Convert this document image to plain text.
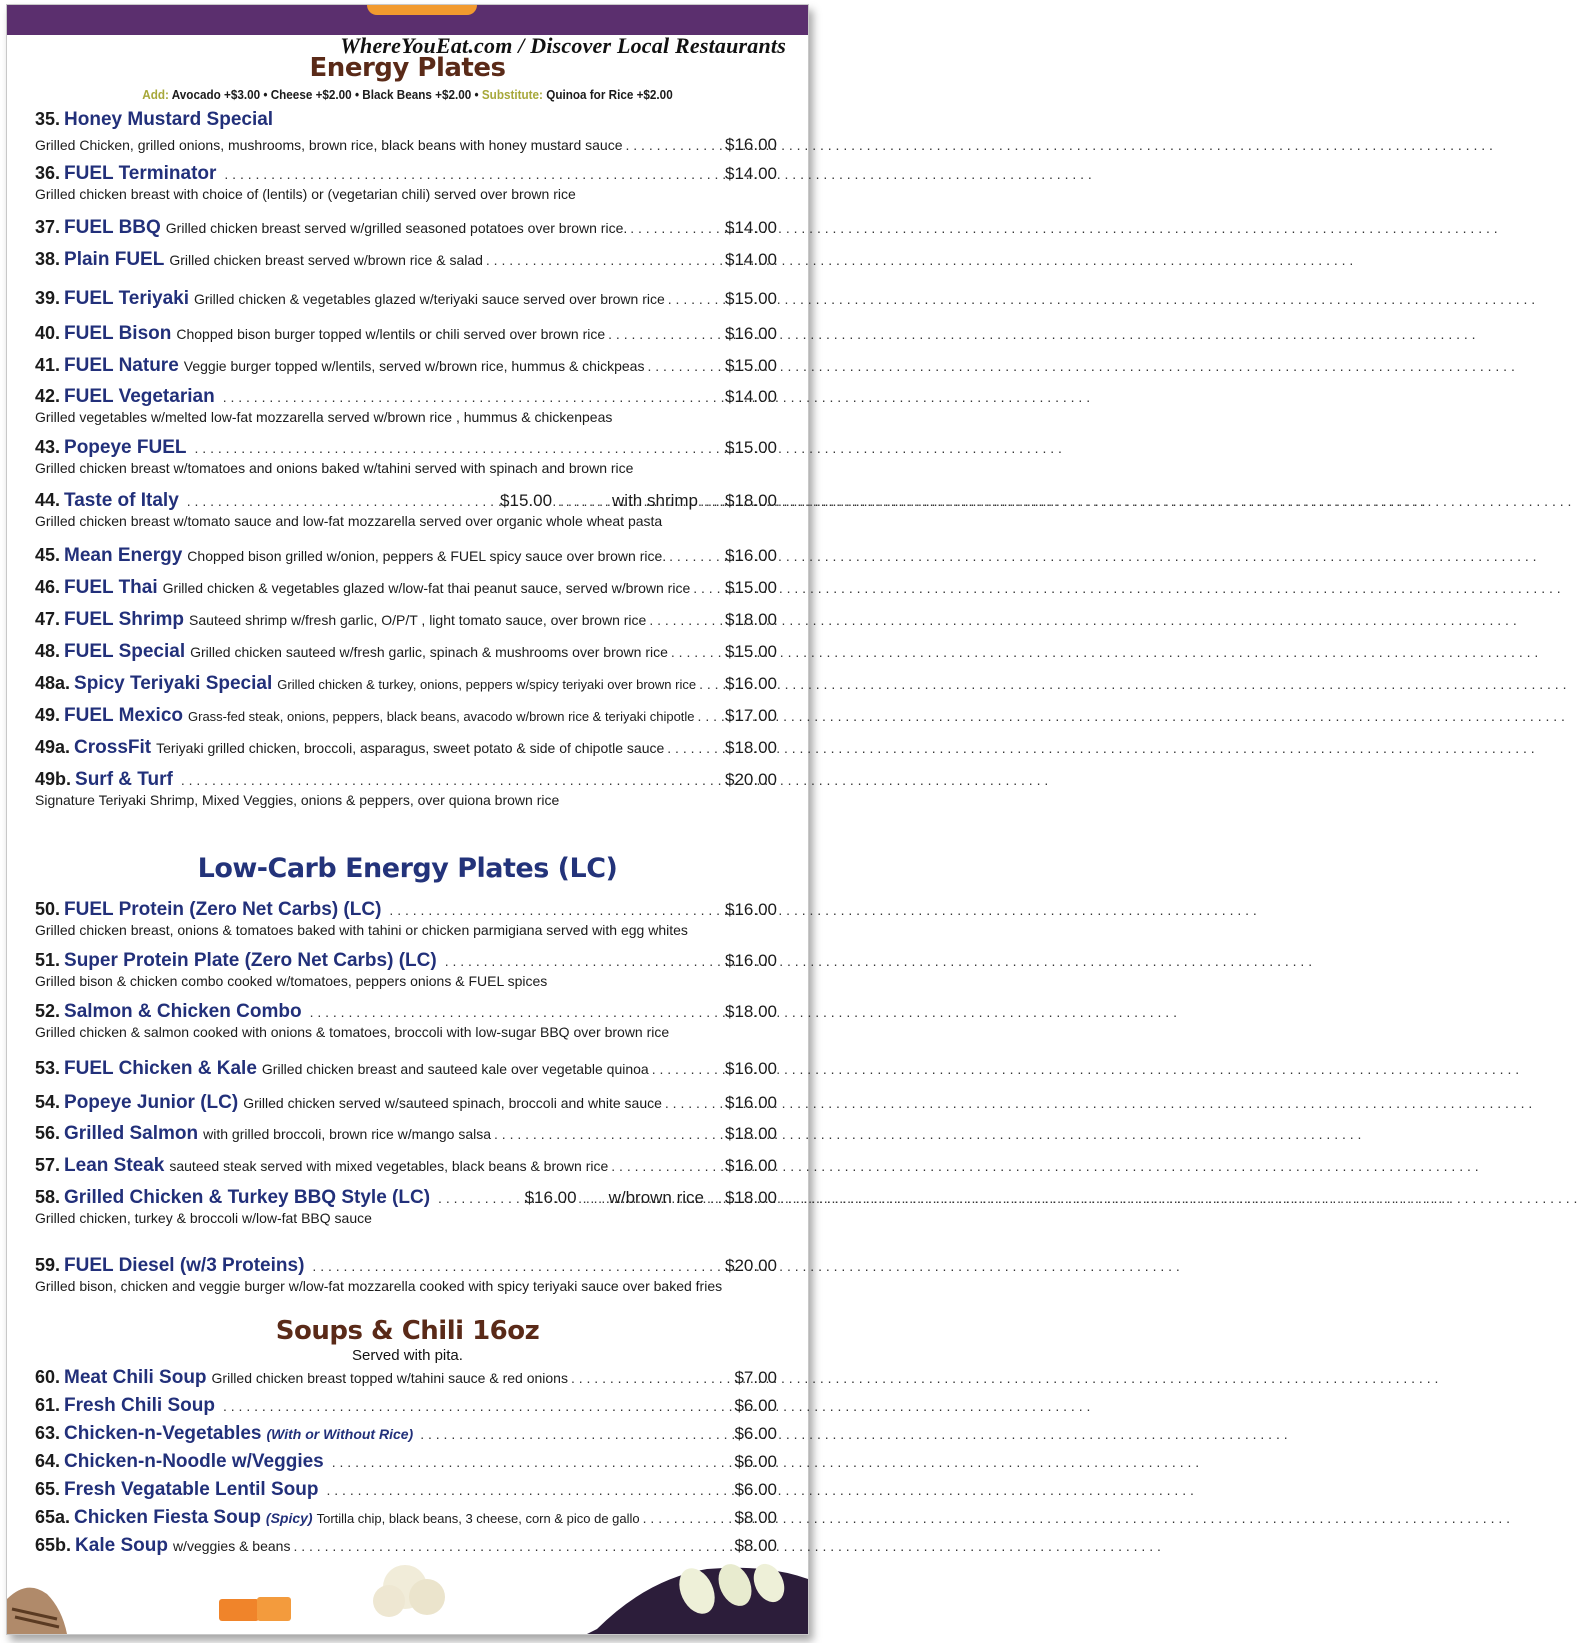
WhereYouEat.com / Discover Local Restaurants
Energy Plates
Add: Avocado +$3.00 • Cheese +$2.00 • Black Beans +$2.00 • Substitute: Quinoa for Rice +$2.00
35. Honey Mustard Special
Grilled Chicken, grilled onions, mushrooms, brown rice, black beans with honey mustard sauce . . .	$16.00
36. FUEL Terminator . . .	$14.00
Grilled chicken breast with choice of (lentils) or (vegetarian chili) served over brown rice
37. FUEL BBQ Grilled chicken breast served w/grilled seasoned potatoes over brown rice. . . .	$14.00
38. Plain FUEL Grilled chicken breast served w/brown rice & salad . . .	$14.00
39. FUEL Teriyaki Grilled chicken & vegetables glazed w/teriyaki sauce served over brown rice . . .	$15.00
40. FUEL Bison Chopped bison burger topped w/lentils or chili served over brown rice . . .	$16.00
41. FUEL Nature Veggie burger topped w/lentils, served w/brown rice, hummus & chickpeas . . .	$15.00
42. FUEL Vegetarian . . .	$14.00
Grilled vegetables w/melted low-fat mozzarella served w/brown rice , hummus & chickenpeas
43. Popeye FUEL . . .	$15.00
Grilled chicken breast w/tomatoes and onions baked w/tahini served with spinach and brown rice
44. Taste of Italy . . .	$15.00 . . .	with shrimp . . . $18.00
Grilled chicken breast w/tomato sauce and low-fat mozzarella served over organic whole wheat pasta
45. Mean Energy Chopped bison grilled w/onion, peppers & FUEL spicy sauce over brown rice. . . .	$16.00
46. FUEL Thai Grilled chicken & vegetables glazed w/low-fat thai peanut sauce, served w/brown rice . . . $15.00
47. FUEL Shrimp Sauteed shrimp w/fresh garlic, O/P/T , light tomato sauce, over brown rice . . .	$18.00
48. FUEL Special Grilled chicken sauteed w/fresh garlic, spinach & mushrooms over brown rice . . .	$15.00
48a. Spicy Teriyaki Special Grilled chicken & turkey, onions, peppers w/spicy teriyaki over brown rice . . . $16.00
49. FUEL Mexico Grass-fed steak, onions, peppers, black beans, avacodo w/brown rice & teriyaki chipotle . . . $17.00
49a. CrossFit Teriyaki grilled chicken, broccoli, asparagus, sweet potato & side of chipotle sauce . . .	$18.00
49b. Surf & Turf . . .	$20.00
Signature Teriyaki Shrimp, Mixed Veggies, onions & peppers, over quiona brown rice
Low-Carb Energy Plates (LC)
50. FUEL Protein (Zero Net Carbs) (LC) . . .	$16.00
Grilled chicken breast, onions & tomatoes baked with tahini or chicken parmigiana served with egg whites
51. Super Protein Plate (Zero Net Carbs) (LC) . . .	$16.00
Grilled bison & chicken combo cooked w/tomatoes, peppers onions & FUEL spices
52. Salmon & Chicken Combo . . .	$18.00
Grilled chicken & salmon cooked with onions & tomatoes, broccoli with low-sugar BBQ over brown rice
53. FUEL Chicken & Kale Grilled chicken breast and sauteed kale over vegetable quinoa . . .	$16.00
54. Popeye Junior (LC) Grilled chicken served w/sauteed spinach, broccoli and white sauce . . .	$16.00
56. Grilled Salmon with grilled broccoli, brown rice w/mango salsa . . .	$18.00
57. Lean Steak sauteed steak served with mixed vegetables, black beans & brown rice . . .	$16.00
58. Grilled Chicken & Turkey BBQ Style (LC) . . .	$16.00 . . . w/brown rice . . . $18.00
Grilled chicken, turkey & broccoli w/low-fat BBQ sauce
59. FUEL Diesel (w/3 Proteins) . . .	$20.00
Grilled bison, chicken and veggie burger w/low-fat mozzarella cooked with spicy teriyaki sauce over baked fries
Soups & Chili 16oz
Served with pita.
60. Meat Chili Soup Grilled chicken breast topped w/tahini sauce & red onions . . .	$7.00
61. Fresh Chili Soup . . .	$6.00
63. Chicken-n-Vegetables (With or Without Rice) . . .	$6.00
64. Chicken-n-Noodle w/Veggies . . .	$6.00
65. Fresh Vegatable Lentil Soup . . .	$6.00
65a. Chicken Fiesta Soup (Spicy) Tortilla chip, black beans, 3 cheese, corn & pico de gallo . . .	$8.00
65b. Kale Soup w/veggies & beans . . .	$8.00
